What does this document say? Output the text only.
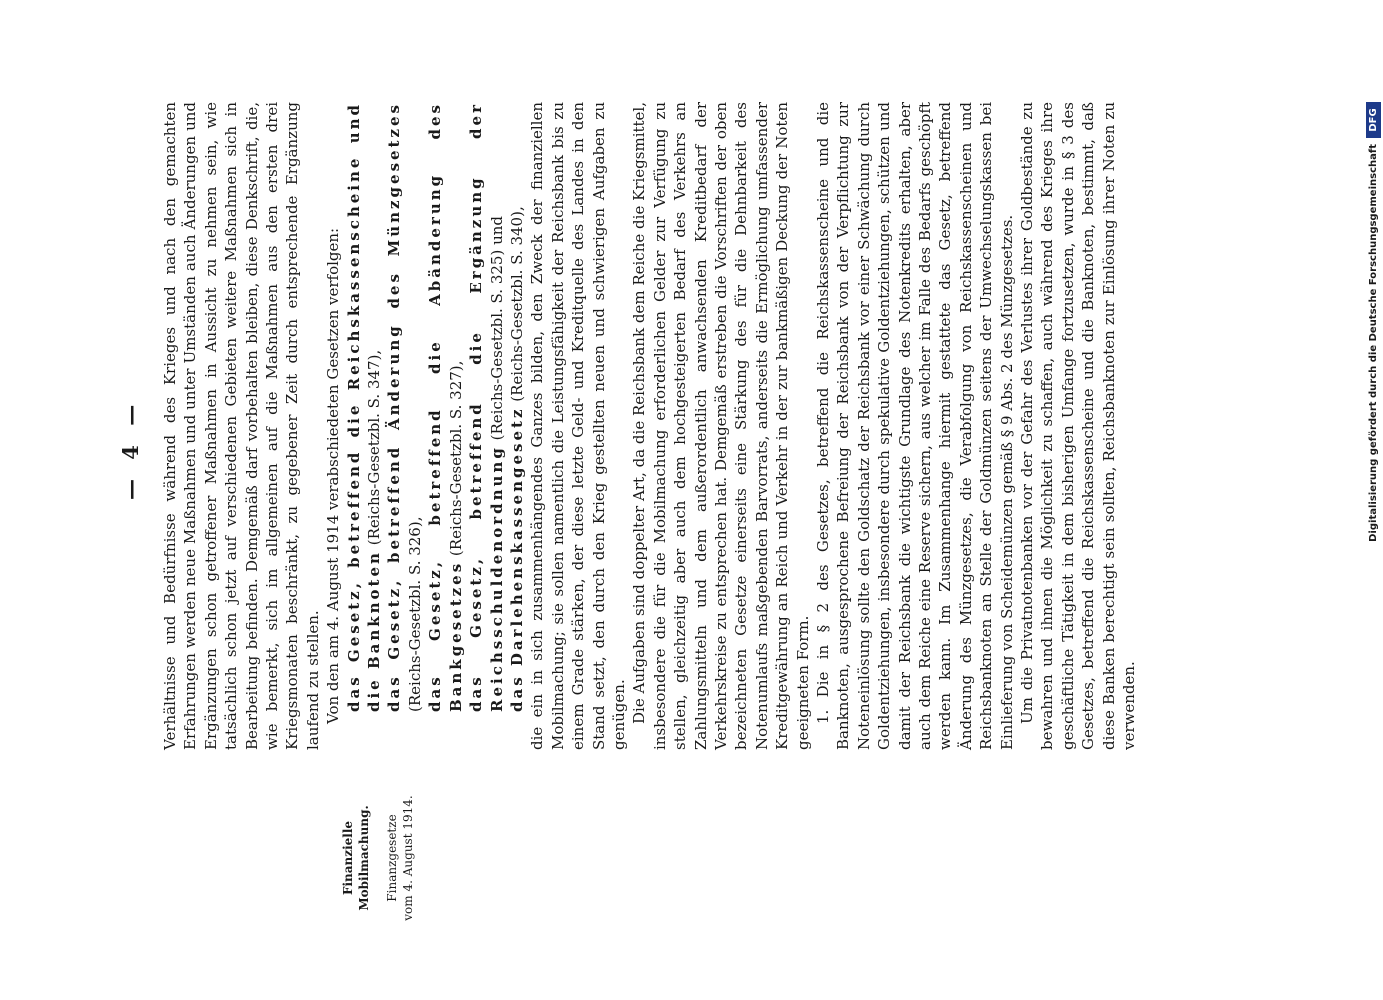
— 4 —
Finanzielle Mobilmachung. Finanzgesetze vom 4. August 1914.

Verhältnisse und Bedürfnisse während des Krieges und nach den gemachten Erfahrungen werden neue Maßnahmen und unter Umständen auch Änderungen und Ergänzungen schon getroffener Maßnahmen in Aussicht zu nehmen sein, wie tatsächlich schon jetzt auf verschiedenen Gebieten weitere Maßnahmen sich in Bearbeitung befinden. Demgemäß darf vorbehalten bleiben, diese Denkschrift, die, wie bemerkt, sich im allgemeinen auf die Maßnahmen aus den ersten drei Kriegsmonaten beschränkt, zu gegebener Zeit durch entsprechende Ergänzung laufend zu stellen. Von den am 4. August 1914 verabschiedeten Gesetzen verfolgen: das Gesetz, betreffend die Reichskassenscheine und die Banknoten (Reichs-Gesetzbl. S. 347), das Gesetz, betreffend Änderung des Münzgesetzes (Reichs-Gesetzbl. S. 326), das Gesetz, betreffend die Abänderung des Bankgesetzes (Reichs-Gesetzbl. S. 327), das Gesetz, betreffend die Ergänzung der Reichsschuldenordnung (Reichs-Gesetzbl. S. 325) und

das Darlehenskassengesetz (Reichs-Gesetzbl. S. 340), die ein in sich zusammenhängendes Ganzes bilden, den Zweck der finanziellen Mobilmachung; sie sollen namentlich die Leistungsfähigkeit der Reichsbank bis zu einem Grade stärken, der diese letzte Geld- und Kreditquelle des Landes in den Stand setzt, den durch den Krieg gestellten neuen und schwierigen Aufgaben zu genügen. Die Aufgaben sind doppelter Art, da die Reichsbank dem Reiche die Kriegsmittel, insbesondere die für die Mobilmachung erforderlichen Gelder zur Verfügung zu stellen, gleichzeitig aber auch dem hochgesteigerten Bedarf des Verkehrs an Zahlungsmitteln und dem außerordentlich anwachsenden Kreditbedarf der Verkehrskreise zu entsprechen hat. Demgemäß erstreben die Vorschriften der oben bezeichneten Gesetze einerseits eine Stärkung des für die Dehnbarkeit des Notenumlaufs maßgebenden Barvorrats, anderseits die Ermöglichung umfassender Kreditgewährung an Reich und Verkehr in der zur bankmäßigen Deckung der Noten geeigneten Form. 1. Die in § 2 des Gesetzes, betreffend die Reichskassenscheine und die Banknoten, ausgesprochene Befreiung der Reichsbank von der Verpflichtung zur Noteneinlösung sollte den Goldschatz der Reichsbank vor einer Schwächung durch Goldentziehungen, insbesondere durch spekulative Goldentziehungen, schützen und damit der Reichsbank die wichtigste Grundlage des Notenkredits erhalten, aber auch dem Reiche eine Reserve sichern, aus welcher im Falle des Bedarfs geschöpft werden kann. Im Zusammenhange hiermit gestattete das Gesetz, betreffend Änderung des Münzgesetzes, die Verabfolgung von Reichskassenscheinen und Reichsbanknoten an Stelle der Goldmünzen seitens der Umwechselungskassen bei Einlieferung von Scheidemünzen gemäß § 9 Abs. 2 des Münzgesetzes. Um die Privatnotenbanken vor der Gefahr des Verlustes ihrer Goldbestände zu bewahren und ihnen die Möglichkeit zu schaffen, auch während des Krieges ihre geschäftliche Tätigkeit in dem bisherigen Umfange fortzusetzen, wurde in § 3 des Gesetzes, betreffend die Reichskassenscheine und die Banknoten, bestimmt, daß diese Banken berechtigt sein sollten, Reichsbanknoten zur Einlösung ihrer Noten zu verwenden.

Digitalisierung gefördert durch die Deutsche Forschungsgemeinschaft
DFG
